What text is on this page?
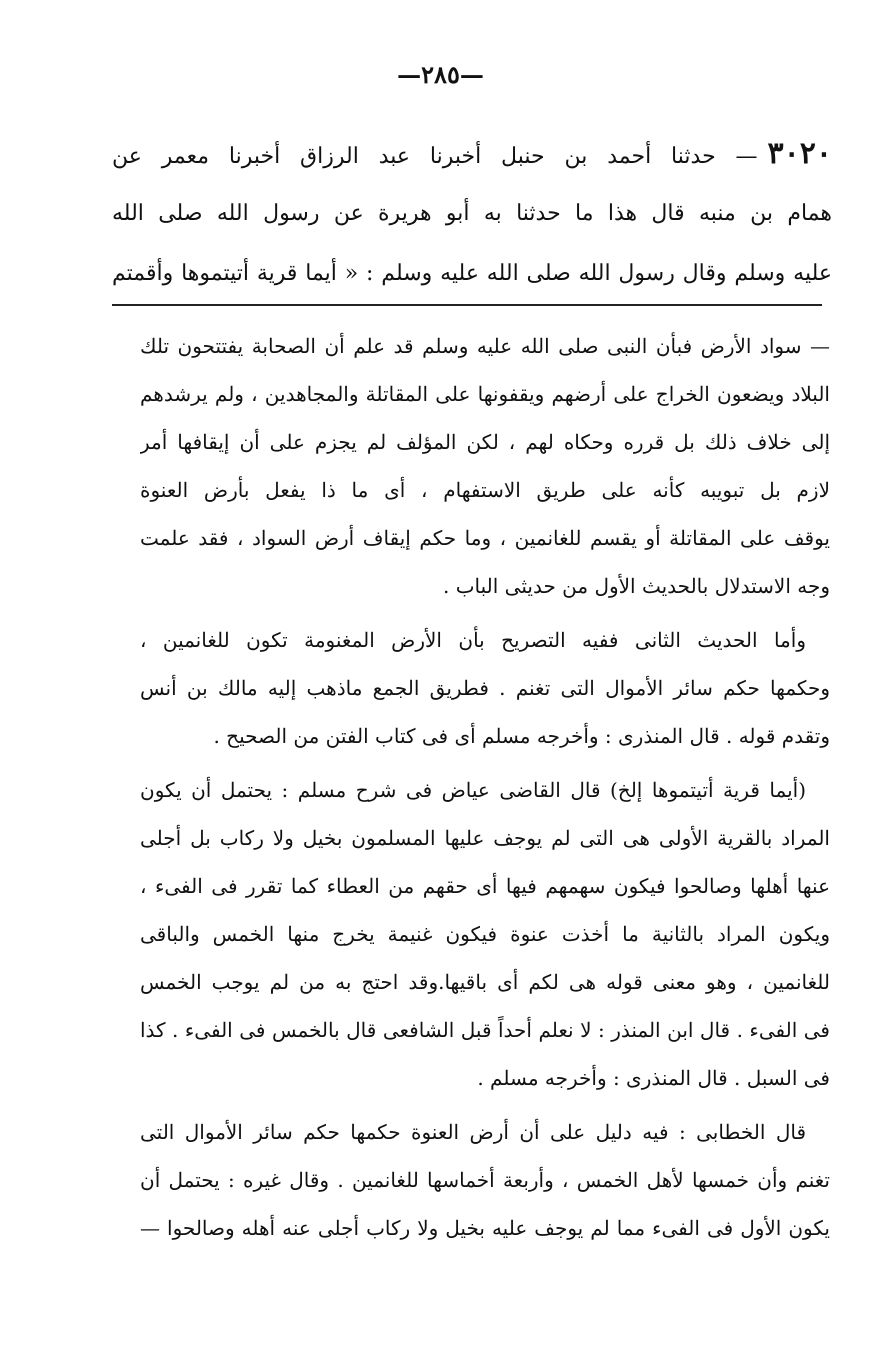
—٢٨٥—
٣٠٢٠— حدثنا أحمد بن حنبل أخبرنا عبد الرزاق أخبرنا معمر عن
همام بن منبه قال هذا ما حدثنا به أبو هريرة عن رسول الله صلى الله
عليه وسلم وقال رسول الله صلى الله عليه وسلم : « أيما قرية أتيتموها وأقمتم
— سواد الأرض فبأن النبى صلى الله عليه وسلم قد علم أن الصحابة يفتتحون تلك
البلاد ويضعون الخراج على أرضهم ويقفونها على المقاتلة والمجاهدين ، ولم يرشدهم
إلى خلاف ذلك بل قرره وحكاه لهم ، لكن المؤلف لم يجزم على أن إيقافها أمر
لازم بل تبويبه كأنه على طريق الاستفهام ، أى ما ذا يفعل بأرض العنوة
يوقف على المقاتلة أو يقسم للغانمين ، وما حكم إيقاف أرض السواد ، فقد علمت
وجه الاستدلال بالحديث الأول من حديثى الباب .
وأما الحديث الثانى ففيه التصريح بأن الأرض المغنومة تكون للغانمين ،
وحكمها حكم سائر الأموال التى تغنم . فطريق الجمع ماذهب إليه مالك بن أنس
وتقدم قوله . قال المنذرى : وأخرجه مسلم أى فى كتاب الفتن من الصحيح .
(أيما قرية أتيتموها إلخ) قال القاضى عياض فى شرح مسلم : يحتمل أن يكون
المراد بالقرية الأولى هى التى لم يوجف عليها المسلمون بخيل ولا ركاب بل أجلى
عنها أهلها وصالحوا فيكون سهمهم فيها أى حقهم من العطاء كما تقرر فى الفىء ،
ويكون المراد بالثانية ما أخذت عنوة فيكون غنيمة يخرج منها الخمس والباقى
للغانمين ، وهو معنى قوله هى لكم أى باقيها.وقد احتج به من لم يوجب الخمس
فى الفىء . قال ابن المنذر : لا نعلم أحداً قبل الشافعى قال بالخمس فى الفىء . كذا
فى السبل . قال المنذرى : وأخرجه مسلم .
قال الخطابى : فيه دليل على أن أرض العنوة حكمها حكم سائر الأموال التى
تغنم وأن خمسها لأهل الخمس ، وأربعة أخماسها للغانمين . وقال غيره : يحتمل أن
يكون الأول فى الفىء مما لم يوجف عليه بخيل ولا ركاب أجلى عنه أهله وصالحوا —
